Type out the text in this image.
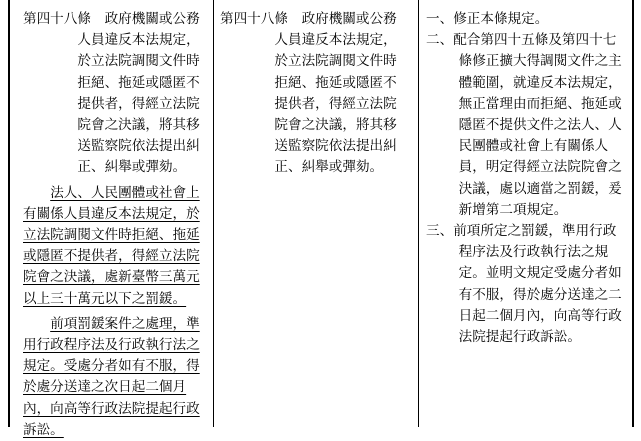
第四十八條　 政府機關或公務人員違反本法規定，於立法院調閱文件時拒絕、拖延或隱匿不提供者，得經立法院院會之決議，將其移送監察院依法提出糾正、糾舉或彈劾。

法人、人民團體或社會上有關係人員違反本法規定，於立法院調閱文件時拒絕、拖延或隱匿不提供者，得經立法院院會之決議，處新臺幣三萬元以上三十萬元以下之罰鍰。

前項罰鍰案件之處理，準用行政程序法及行政執行法之規定。受處分者如有不服，得於處分送達之次日起二個月內，向高等行政法院提起行政訴訟。

第四十八條　 政府機關或公務人員違反本法規定，於立法院調閱文件時拒絕、拖延或隱匿不提供者，得經立法院院會之決議，將其移送監察院依法提出糾正、糾舉或彈劾。

一、修正本條規定。

二、配合第四十五條及第四十七條修正擴大得調閱文件之主體範圍，就違反本法規定，無正當理由而拒絕、拖延或隱匿不提供文件之法人、人民團體或社會上有關係人員，明定得經立法院院會之決議，處以適當之罰鍰，爰新增第二項規定。

三、前項所定之罰鍰，準用行政程序法及行政執行法之規定。並明文規定受處分者如有不服，得於處分送達之二日起二個月內，向高等行政法院提起行政訴訟。
